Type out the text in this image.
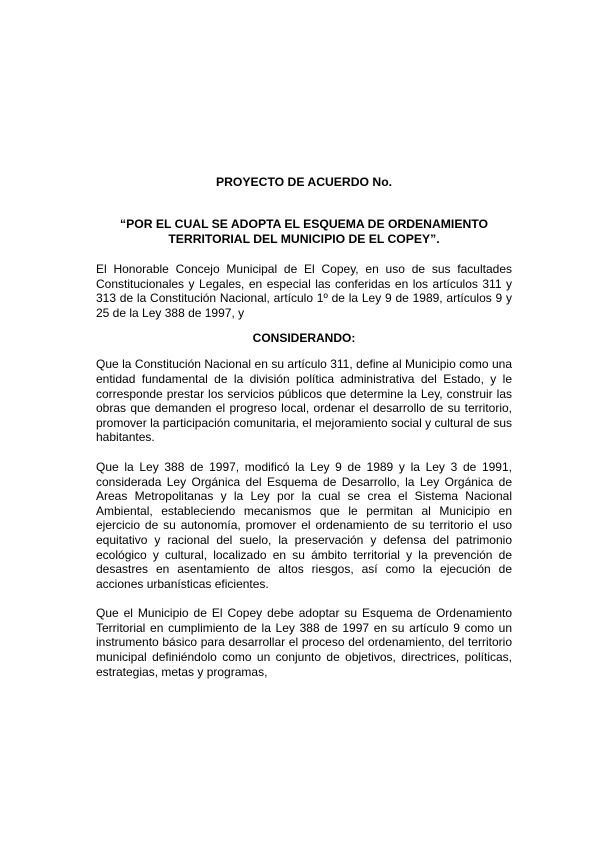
PROYECTO DE ACUERDO No.

“POR EL CUAL SE ADOPTA EL ESQUEMA DE ORDENAMIENTO TERRITORIAL DEL MUNICIPIO DE EL COPEY”.

El Honorable Concejo Municipal de El Copey, en uso de sus facultades Constitucionales y Legales, en especial las conferidas en los artículos 311 y 313 de la Constitución Nacional, artículo 1º de la Ley 9 de 1989, artículos 9 y 25 de la Ley 388 de 1997, y

CONSIDERANDO:

Que la Constitución Nacional en su artículo 311, define al Municipio como una entidad fundamental de la división política administrativa del Estado, y le corresponde prestar los servicios públicos que determine la Ley, construir las obras que demanden el progreso local, ordenar el desarrollo de su territorio, promover la participación comunitaria, el mejoramiento social y cultural de sus habitantes.

Que la Ley 388 de 1997, modificó la Ley 9 de 1989 y la Ley 3 de 1991, considerada Ley Orgánica del Esquema de Desarrollo, la Ley Orgánica de Areas Metropolitanas y la Ley por la cual se crea el Sistema Nacional Ambiental, estableciendo mecanismos que le permitan al Municipio en ejercicio de su autonomía, promover el ordenamiento de su territorio el uso equitativo y racional del suelo, la preservación y defensa del patrimonio ecológico y cultural, localizado en su ámbito territorial y la prevención de desastres en asentamiento de altos riesgos, así como la ejecución de acciones urbanísticas eficientes.

Que el Municipio de El Copey debe adoptar su Esquema de Ordenamiento Territorial en cumplimiento de la Ley 388 de 1997 en su artículo 9 como un instrumento básico para desarrollar el proceso del ordenamiento, del territorio municipal definiéndolo como un conjunto de objetivos, directrices, políticas, estrategias, metas y programas,
